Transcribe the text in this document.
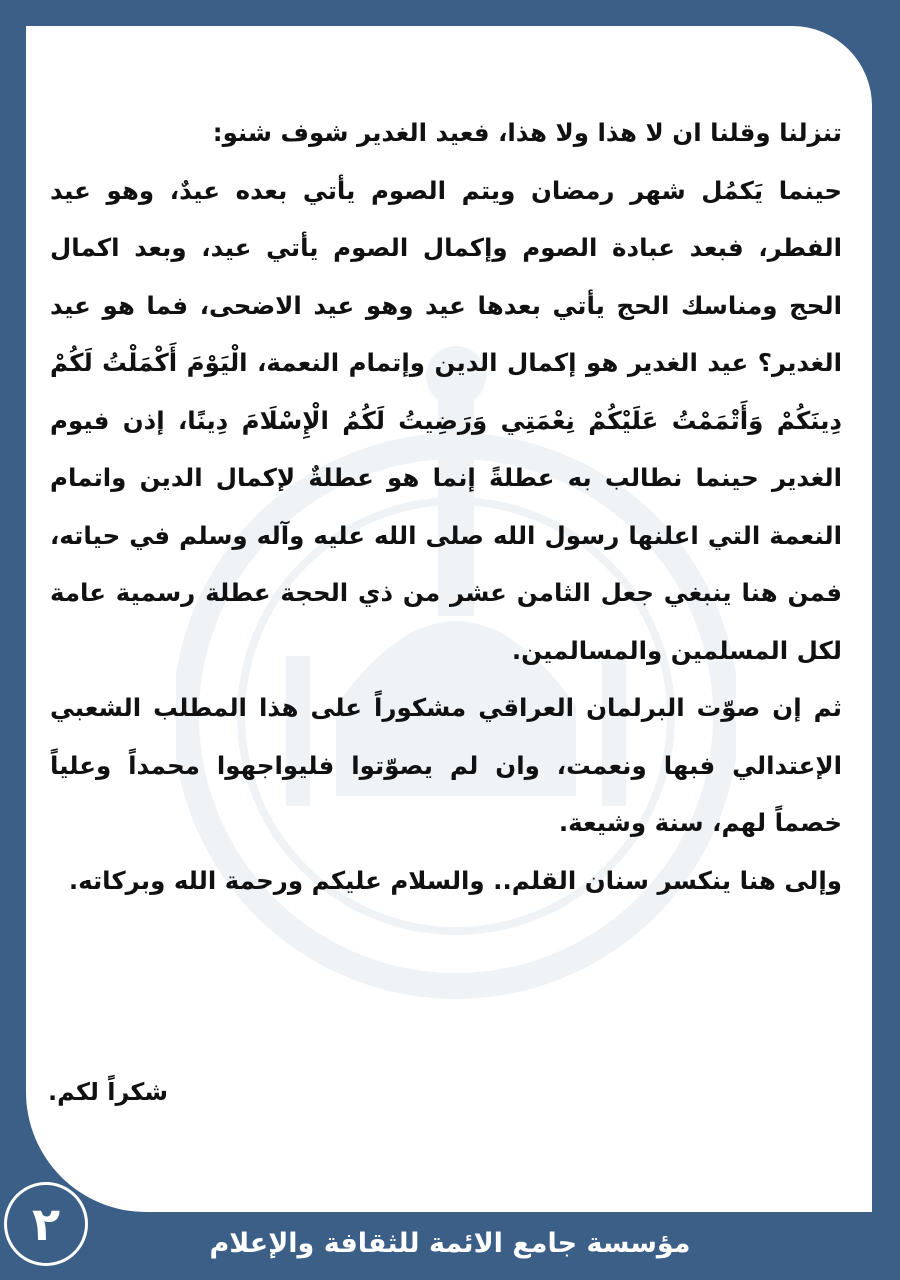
تنزلنا وقلنا ان لا هذا ولا هذا، فعيد الغدير شوف شنو:

حينما يَكمُل شهر رمضان ويتم الصوم يأتي بعده عيدٌ، وهو عيد الفطر، فبعد عبادة الصوم وإكمال الصوم يأتي عيد، وبعد اكمال الحج ومناسك الحج يأتي بعدها عيد وهو عيد الاضحى، فما هو عيد الغدير؟ عيد الغدير هو إكمال الدين وإتمام النعمة، الْيَوْمَ أَكْمَلْتُ لَكُمْ دِينَكُمْ وَأَتْمَمْتُ عَلَيْكُمْ نِعْمَتِي وَرَضِيتُ لَكُمُ الْإِسْلَامَ دِينًا، إذن فيوم الغدير حينما نطالب به عطلةً إنما هو عطلةٌ لإكمال الدين واتمام النعمة التي اعلنها رسول الله صلى الله عليه وآله وسلم في حياته، فمن هنا ينبغي جعل الثامن عشر من ذي الحجة عطلة رسمية عامة لكل المسلمين والمسالمين.

ثم إن صوّت البرلمان العراقي مشكوراً على هذا المطلب الشعبي الإعتدالي فبها ونعمت، وان لم يصوّتوا فليواجهوا محمداً وعلياً خصماً لهم، سنة وشيعة.

وإلى هنا ينكسر سنان القلم.. والسلام عليكم ورحمة الله وبركاته.

شكراً لكم.
٢	مؤسسة جامع الائمة للثقافة والإعلام
